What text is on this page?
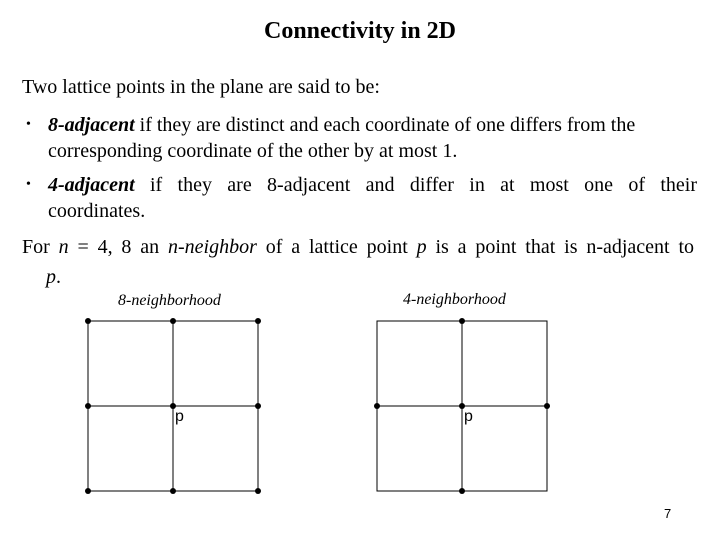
Connectivity in 2D
Two lattice points in the plane are said to be:
• 8-adjacent if they are distinct and each coordinate of one differs from the
corresponding coordinate of the other by at most 1.
• 4-adjacent if they are 8-adjacent and differ in at most one of their
coordinates.
For n = 4, 8 an n-neighbor of a lattice point p is a point that is n-adjacent to
p.
8-neighborhood	4-neighborhood
p	p
7
